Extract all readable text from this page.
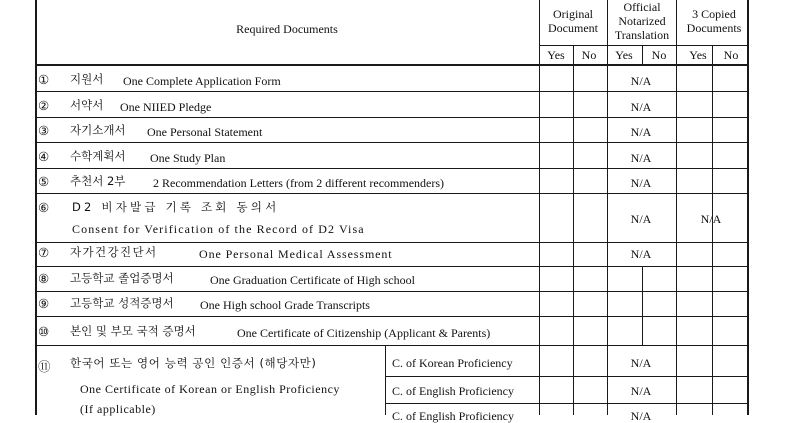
Required Documents
Original
Document
Official
Notarized
Translation
3 Copied
Documents
Yes No Yes No Yes No
① 지원서 One Complete Application Form	N/A
② 서약서 One NIIED Pledge	N/A
③ 자기소개서 One Personal Statement	N/A
④ 수학계획서 One Study Plan	N/A
⑤ 추천서 2부 2 Recommendation Letters (from 2 different recommenders)	N/A
⑥ D2 비자발급 기록 조회 동의서
Consent for Verification of the Record of D2 Visa
N/A	N/A
⑦ 자가건강진단서	One Personal Medical Assessment	N/A
⑧ 고등학교 졸업증명서	One Graduation Certificate of High school
⑨ 고등학교 성적증명서 One High school Grade Transcripts
⑩ 본인 및 부모 국적 증명서	One Certificate of Citizenship (Applicant & Parents)
⑪ 한국어 또는 영어 능력 공인 인증서 (해당자만)
One Certificate of Korean or English Proficiency
(If applicable)
C. of Korean Proficiency	N/A
C. of English Proficiency	N/A
C. of English Proficiency	N/A
